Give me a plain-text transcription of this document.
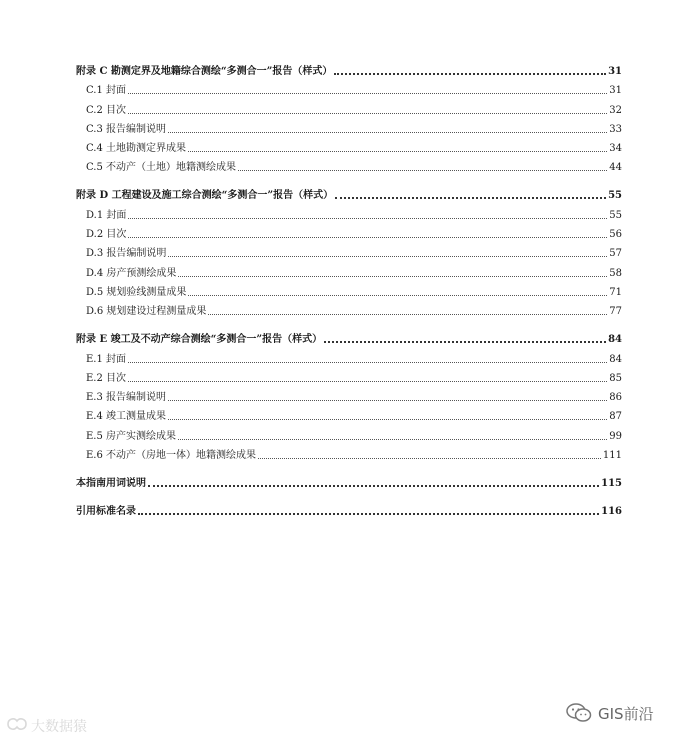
附录 C 勘测定界及地籍综合测绘“多测合一”报告（样式）	31
C.1 封面	31
C.2 目次	32
C.3 报告编制说明	33
C.4 土地勘测定界成果	34
C.5 不动产（土地）地籍测绘成果	44
附录 D 工程建设及施工综合测绘“多测合一”报告（样式）	55
D.1 封面	55
D.2 目次	56
D.3 报告编制说明	57
D.4 房产预测绘成果	58
D.5 规划验线测量成果	71
D.6 规划建设过程测量成果	77
附录 E 竣工及不动产综合测绘“多测合一”报告（样式）	84
E.1 封面	84
E.2 目次	85
E.3 报告编制说明	86
E.4 竣工测量成果	87
E.5 房产实测绘成果	99
E.6 不动产（房地一体）地籍测绘成果	111
本指南用词说明	115
引用标准名录	116
大数据猿
GIS前沿
